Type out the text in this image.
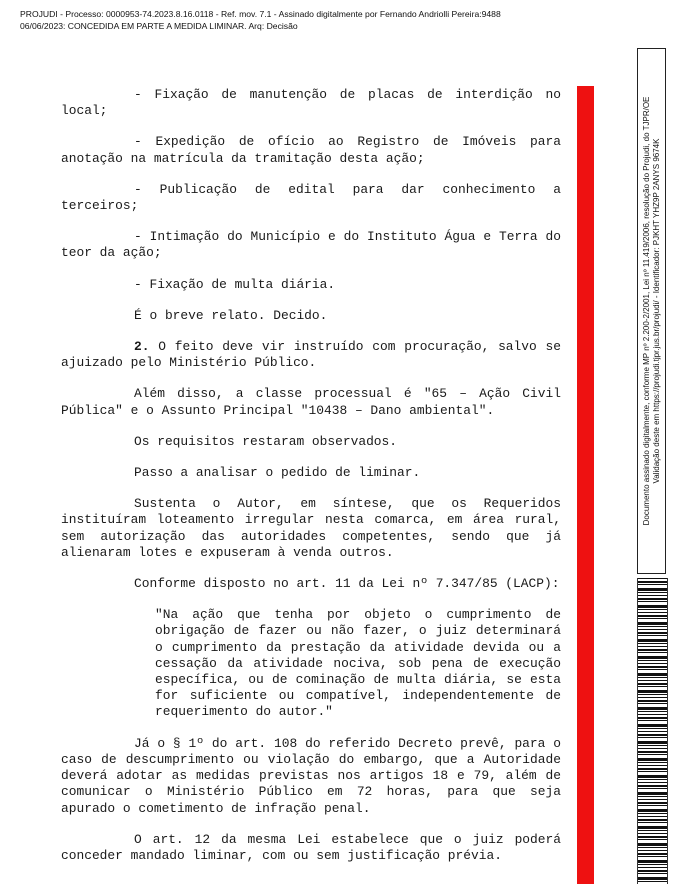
PROJUDI - Processo: 0000953-74.2023.8.16.0118 - Ref. mov. 7.1 - Assinado digitalmente por Fernando Andriolli Pereira:9488
06/06/2023: CONCEDIDA EM PARTE A MEDIDA LIMINAR. Arq: Decisão

- Fixação de manutenção de placas de interdição no local;

- Expedição de ofício ao Registro de Imóveis para anotação na matrícula da tramitação desta ação;

- Publicação de edital para dar conhecimento a terceiros;

- Intimação do Município e do Instituto Água e Terra do teor da ação;

- Fixação de multa diária.

É o breve relato. Decido.

2. O feito deve vir instruído com procuração, salvo se ajuizado pelo Ministério Público.

Além disso, a classe processual é "65 – Ação Civil Pública" e o Assunto Principal "10438 – Dano ambiental".

Os requisitos restaram observados.

Passo a analisar o pedido de liminar.

Sustenta o Autor, em síntese, que os Requeridos instituíram loteamento irregular nesta comarca, em área rural, sem autorização das autoridades competentes, sendo que já alienaram lotes e expuseram à venda outros.

Conforme disposto no art. 11 da Lei nº 7.347/85 (LACP):

"Na ação que tenha por objeto o cumprimento de obrigação de fazer ou não fazer, o juiz determinará o cumprimento da prestação da atividade devida ou a cessação da atividade nociva, sob pena de execução específica, ou de cominação de multa diária, se esta for suficiente ou compatível, independentemente de requerimento do autor."

Já o § 1º do art. 108 do referido Decreto prevê, para o caso de descumprimento ou violação do embargo, que a Autoridade deverá adotar as medidas previstas nos artigos 18 e 79, além de comunicar o Ministério Público em 72 horas, para que seja apurado o cometimento de infração penal.

O art. 12 da mesma Lei estabelece que o juiz poderá conceder mandado liminar, com ou sem justificação prévia.

Documento assinado digitalmente, conforme MP nº 2.200-2/2001, Lei nº 11.419/2006, resolução do Projudi, do TJPR/OE Validação deste em https://projudi.tjpr.jus.br/projudi/ - Identificador: PJKHT YHZ9P 2ANYS 9674K
